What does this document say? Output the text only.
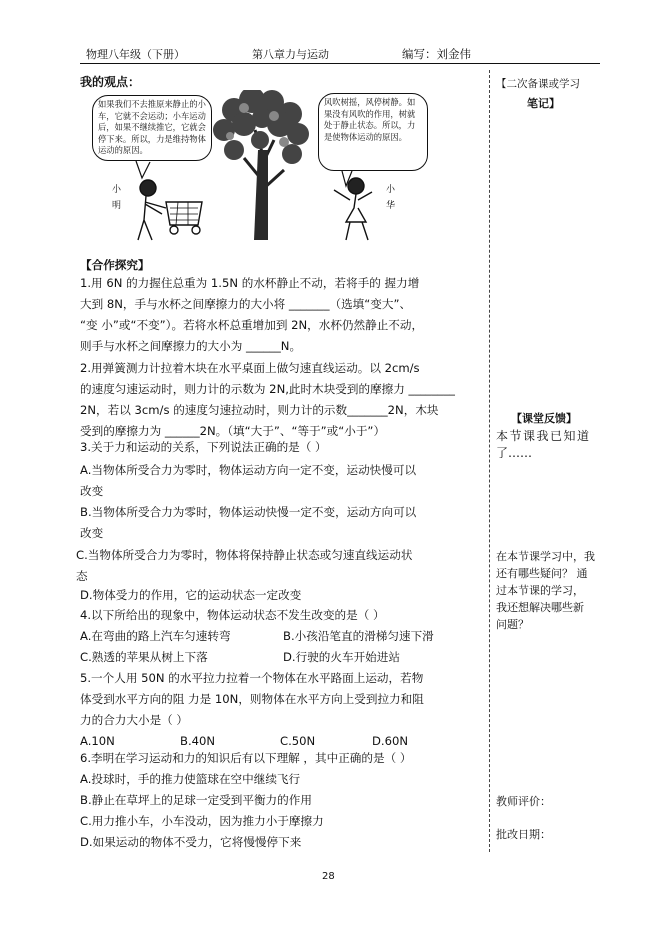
物理八年级（下册）	第八章力与运动	编写：刘金伟
我的观点：
如果我们不去推原来静止的小车，它就不会运动；小车运动后，如果不继续推它，它就会停下来。所以，力是维持物体运动的原因。
风吹树摇，风停树静。如果没有风吹的作用，树就处于静止状态。所以，力是使物体运动的原因。
小
明
小
华
【合作探究】
1.用 6N 的力握住总重为 1.5N 的水杯静止不动，若将手的 握力增
大到 8N，手与水杯之间摩擦力的大小将 _______（选填“变大”、
“变 小”或“不变”）。若将水杯总重增加到 2N，水杯仍然静止不动，
则手与水杯之间摩擦力的大小为 ______N。
2.用弹簧测力计拉着木块在水平桌面上做匀速直线运动。以 2cm/s
的速度匀速运动时，则力计的示数为 2N,此时木块受到的摩擦力 ________
2N，若以 3cm/s 的速度匀速拉动时，则力计的示数_______2N，木块
受到的摩擦力为 ______2N。（填“大于”、“等于”或“小于”）
3.关于力和运动的关系，下列说法正确的是（ ）
A.当物体所受合力为零时，物体运动方向一定不变，运动快慢可以
改变
B.当物体所受合力为零时，物体运动快慢一定不变，运动方向可以
改变
C.当物体所受合力为零时，物体将保持静止状态或匀速直线运动状
态
D.物体受力的作用，它的运动状态一定改变
4.以下所给出的现象中，物体运动状态不发生改变的是（ ）
A.在弯曲的路上汽车匀速转弯	B.小孩沿笔直的滑梯匀速下滑
C.熟透的苹果从树上下落	D.行驶的火车开始进站
5.一个人用 50N 的水平拉力拉着一个物体在水平路面上运动，若物
体受到水平方向的阻 力是 10N，则物体在水平方向上受到拉力和阻
力的合力大小是（ ）
A.10N	B.40N	C.50N	D.60N
6.李明在学习运动和力的知识后有以下理解 ，其中正确的是（ ）
A.投球时，手的推力使篮球在空中继续飞行
B.静止在草坪上的足球一定受到平衡力的作用
C.用力推小车，小车没动，因为推力小于摩擦力
D.如果运动的物体不受力，它将慢慢停下来
【二次备课或学习
笔记】
【课堂反馈】
本节课我已知道
了……
在本节课学习中，我
还有哪些疑问？ 通
过本节课的学习，
我还想解决哪些新
问题？
教师评价：
批改日期：
28
